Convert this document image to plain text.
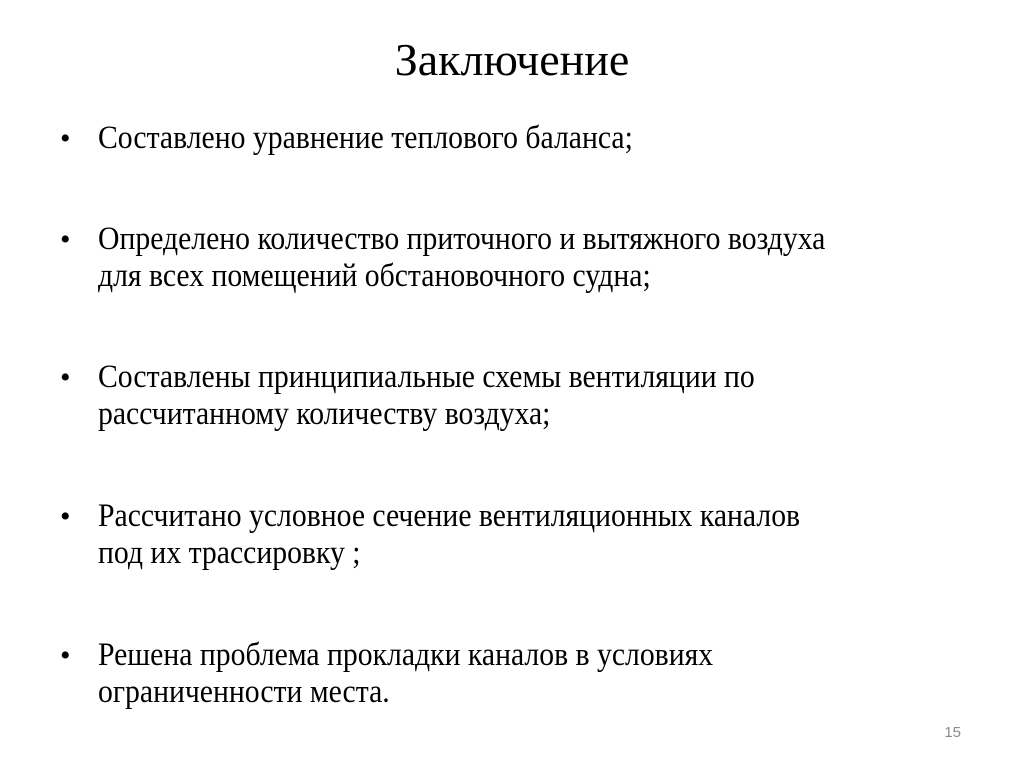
Заключение
• Составлено уравнение теплового баланса;
• Определено количество приточного и вытяжного воздуха
для всех помещений обстановочного судна;
• Составлены принципиальные схемы вентиляции по
рассчитанному количеству воздуха;
• Рассчитано условное сечение вентиляционных каналов
под их трассировку ;
• Решена проблема прокладки каналов в условиях
ограниченности места.
15
